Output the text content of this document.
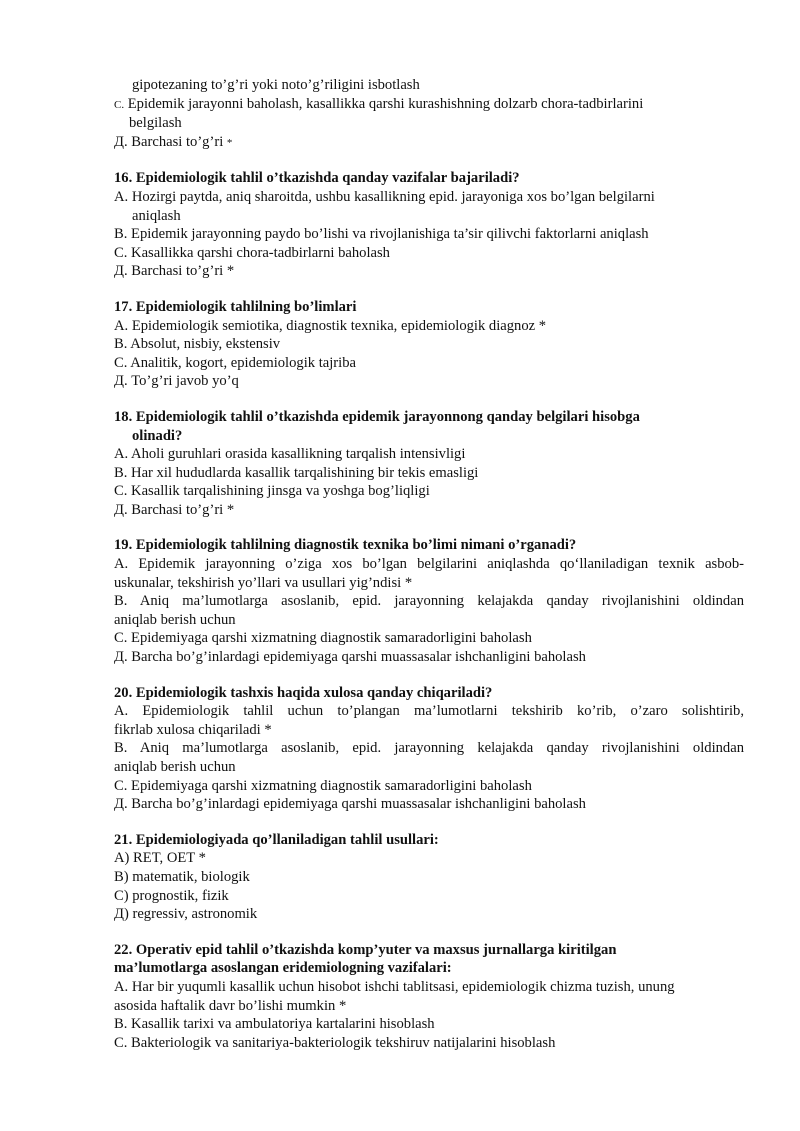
gipotezaning to’g’ri yoki noto’g’riligini isbotlash
C. Epidemik jarayonni baholash, kasallikka qarshi kurashishning dolzarb chora-tadbirlarini
belgilash
Д. Barchasi to’g’ri *
16. Epidemiologik tahlil o’tkazishda qanday vazifalar bajariladi?
A. Hozirgi paytda, aniq sharoitda, ushbu kasallikning epid. jarayoniga xos bo’lgan belgilarni
aniqlash
B. Epidemik jarayonning paydo bo’lishi va rivojlanishiga ta’sir qilivchi faktorlarni aniqlash
C. Kasallikka qarshi chora-tadbirlarni baholash
Д. Barchasi to’g’ri *
17. Epidemiologik tahlilning bo’limlari
A. Epidemiologik semiotika, diagnostik texnika, epidemiologik diagnoz *
B. Absolut, nisbiy, ekstensiv
C. Analitik, kogort, epidemiologik tajriba
Д. To’g’ri javob yo’q
18. Epidemiologik tahlil o’tkazishda epidemik jarayonnong qanday belgilari hisobga
olinadi?
A. Aholi guruhlari orasida kasallikning tarqalish intensivligi
B. Har xil hududlarda kasallik tarqalishining bir tekis emasligi
C. Kasallik tarqalishining jinsga va yoshga bog’liqligi
Д. Barchasi to’g’ri *
19. Epidemiologik tahlilning diagnostik texnika bo’limi nimani o’rganadi?
A. Epidemik jarayonning o’ziga xos bo’lgan belgilarini aniqlashda qo‘llaniladigan texnik asbob-
uskunalar, tekshirish yo’llari va usullari yig’ndisi *
B. Aniq ma’lumotlarga asoslanib, epid. jarayonning kelajakda qanday rivojlanishini oldindan
aniqlab berish uchun
C. Epidemiyaga qarshi xizmatning diagnostik samaradorligini baholash
Д. Barcha bo’g’inlardagi epidemiyaga qarshi muassasalar ishchanligini baholash
20. Epidemiologik tashxis haqida xulosa qanday chiqariladi?
A. Epidemiologik tahlil uchun to’plangan ma’lumotlarni tekshirib ko’rib, o’zaro solishtirib,
fikrlab xulosa chiqariladi *
B. Aniq ma’lumotlarga asoslanib, epid. jarayonning kelajakda qanday rivojlanishini oldindan
aniqlab berish uchun
C. Epidemiyaga qarshi xizmatning diagnostik samaradorligini baholash
Д. Barcha bo’g’inlardagi epidemiyaga qarshi muassasalar ishchanligini baholash
21. Epidemiologiyada qo’llaniladigan tahlil usullari:
A) RET, OET *
B) matematik, biologik
C) prognostik, fizik
Д) regressiv, astronomik
22. Operativ epid tahlil o’tkazishda komp’yuter va maxsus jurnallarga kiritilgan
ma’lumotlarga asoslangan eridemiologning vazifalari:
A. Har bir yuqumli kasallik uchun hisobot ishchi tablitsasi, epidemiologik chizma tuzish, unung
asosida haftalik davr bo’lishi mumkin *
B. Kasallik tarixi va ambulatoriya kartalarini hisoblash
C. Bakteriologik va sanitariya-bakteriologik tekshiruv natijalarini hisoblash
